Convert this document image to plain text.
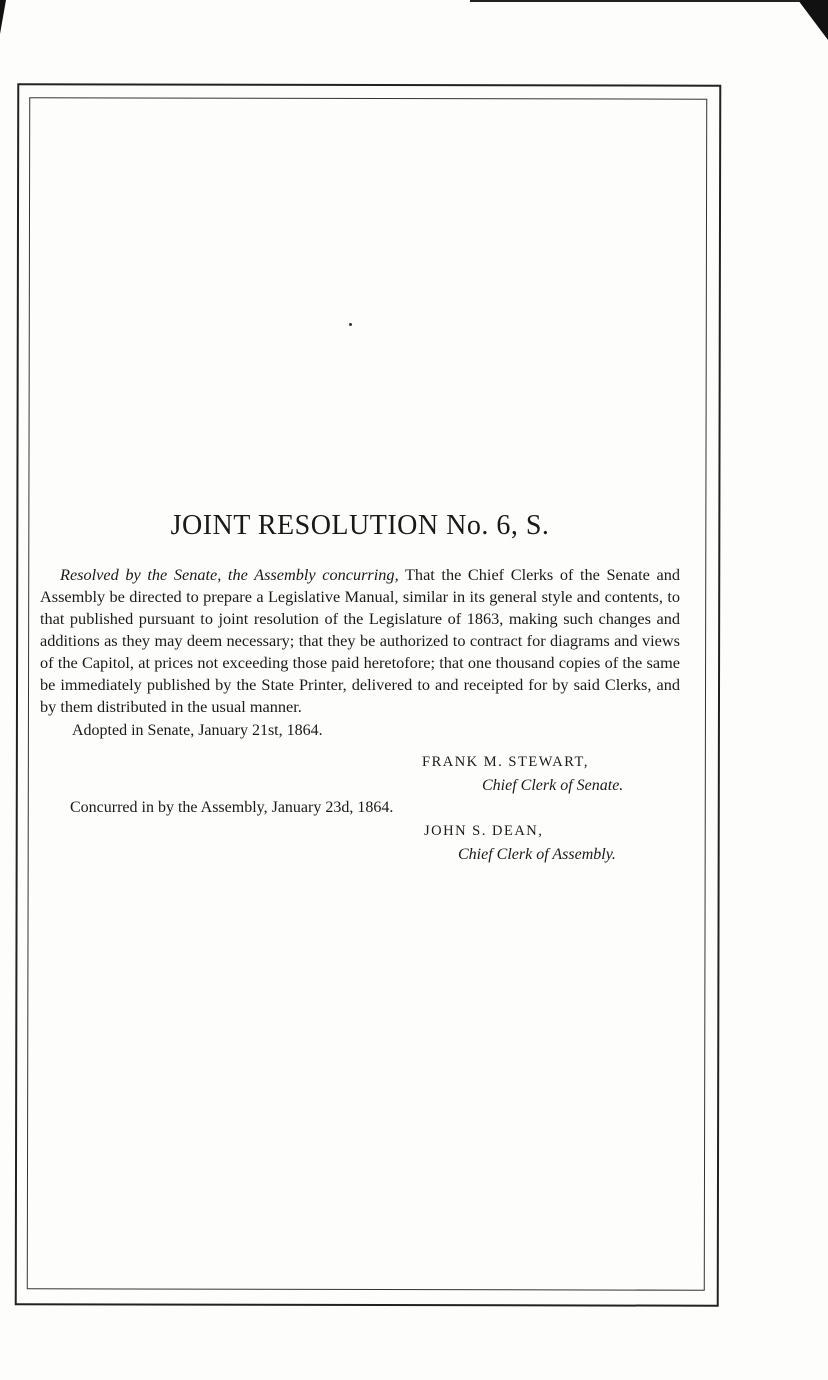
JOINT RESOLUTION No. 6, S.

Resolved by the Senate, the Assembly concurring, That the Chief Clerks of the Senate and Assembly be directed to prepare a Legislative Manual, similar in its general style and contents, to that published pursuant to joint resolution of the Legislature of 1863, making such changes and additions as they may deem necessary; that they be authorized to contract for diagrams and views of the Capitol, at prices not exceeding those paid heretofore; that one thousand copies of the same be immediately published by the State Printer, delivered to and receipted for by said Clerks, and by them distributed in the usual manner.

Adopted in Senate, January 21st, 1864.

FRANK M. STEWART,

Chief Clerk of Senate.

Concurred in by the Assembly, January 23d, 1864.

JOHN S. DEAN,

Chief Clerk of Assembly.
